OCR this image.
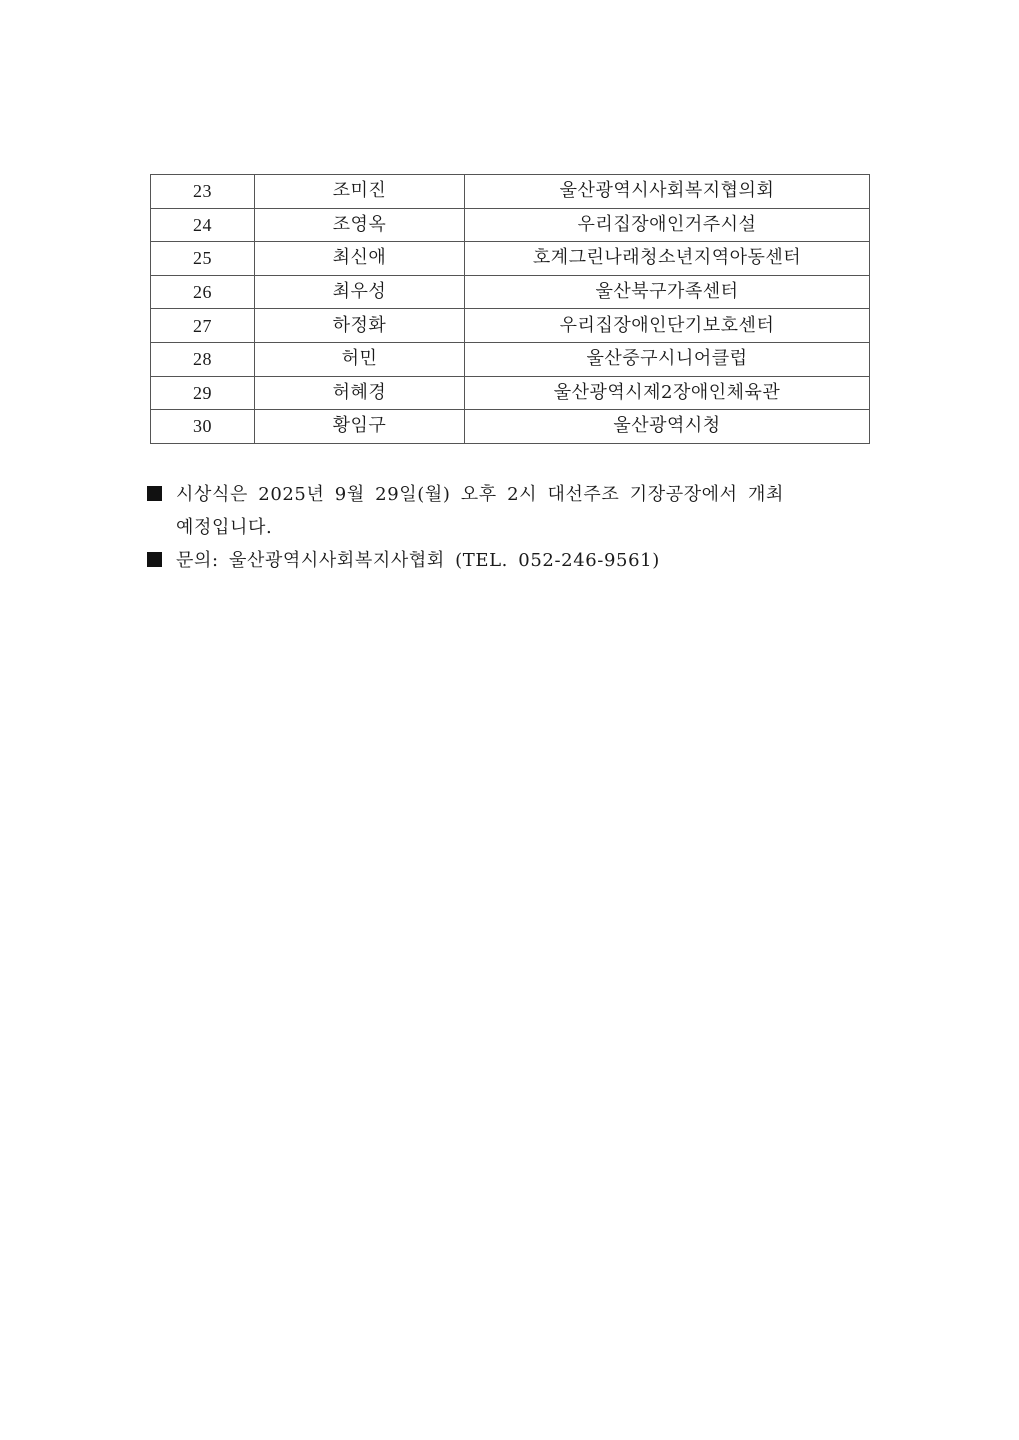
23	조미진	울산광역시사회복지협의회
24	조영옥	우리집장애인거주시설
25	최신애	호계그린나래청소년지역아동센터
26	최우성	울산북구가족센터
27	하정화	우리집장애인단기보호센터
28	허민	울산중구시니어클럽
29	허혜경	울산광역시제2장애인체육관
30	황임구	울산광역시청
시상식은 2025년 9월 29일(월) 오후 2시 대선주조 기장공장에서 개최
예정입니다.
문의: 울산광역시사회복지사협회 (TEL. 052-246-9561)
